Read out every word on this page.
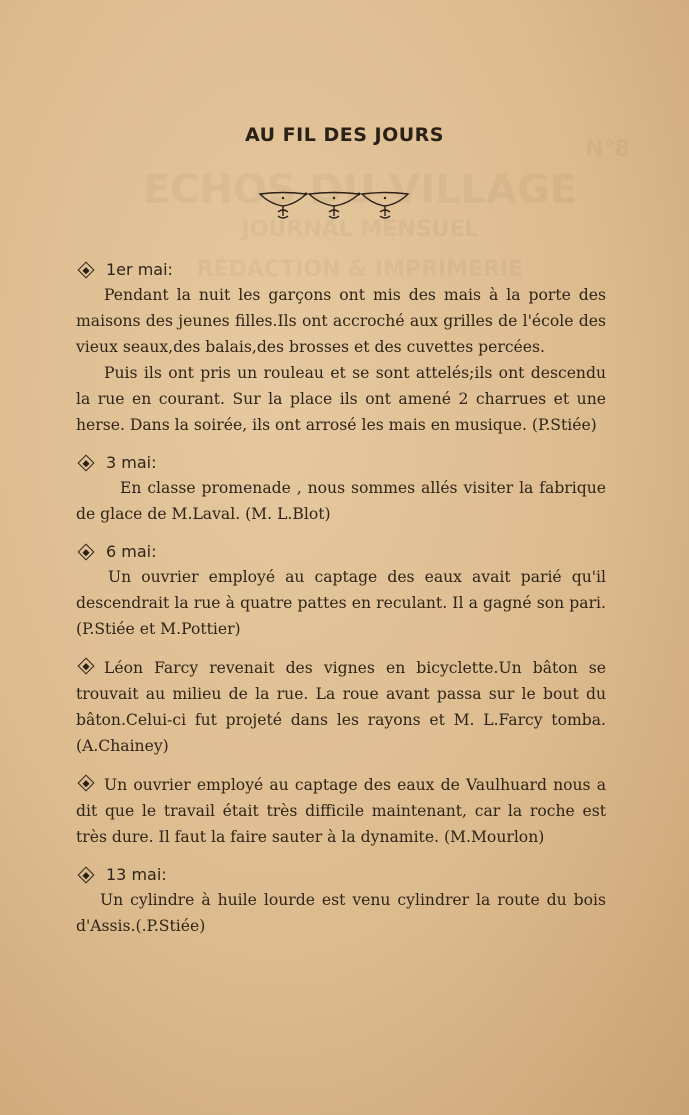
N°8
ECHOS DU VILLAGE
JOURNAL MENSUEL
RÉDACTION & IMPRIMERIE
AU FIL DES JOURS
1er mai:

Pendant la nuit les garçons ont mis des mais à la porte des maisons des jeunes filles.Ils ont accroché aux grilles de l'école des vieux seaux,des balais,des brosses et des cuvettes percées.

Puis ils ont pris un rouleau et se sont attelés;ils ont descendu la rue en courant. Sur la place ils ont amené 2 charrues et une herse. Dans la soirée, ils ont arrosé les mais en musique. (P.Stiée)

3 mai:

En classe promenade , nous sommes allés visiter la fabrique de glace de M.Laval. (M. L.Blot)

6 mai:

Un ouvrier employé au captage des eaux avait parié qu'il descendrait la rue à quatre pattes en reculant. Il a gagné son pari.(P.Stiée et M.Pottier)

Léon Farcy revenait des vignes en bicyclette.Un bâton se trouvait au milieu de la rue. La roue avant passa sur le bout du bâton.Celui-ci fut projeté dans les rayons et M. L.Farcy tomba. (A.Chainey)

Un ouvrier employé au captage des eaux de Vaulhuard nous a dit que le travail était très difficile maintenant, car la roche est très dure. Il faut la faire sauter à la dynamite. (M.Mourlon)

13 mai:

Un cylindre à huile lourde est venu cylindrer la route du bois d'Assis.(.P.Stiée)
